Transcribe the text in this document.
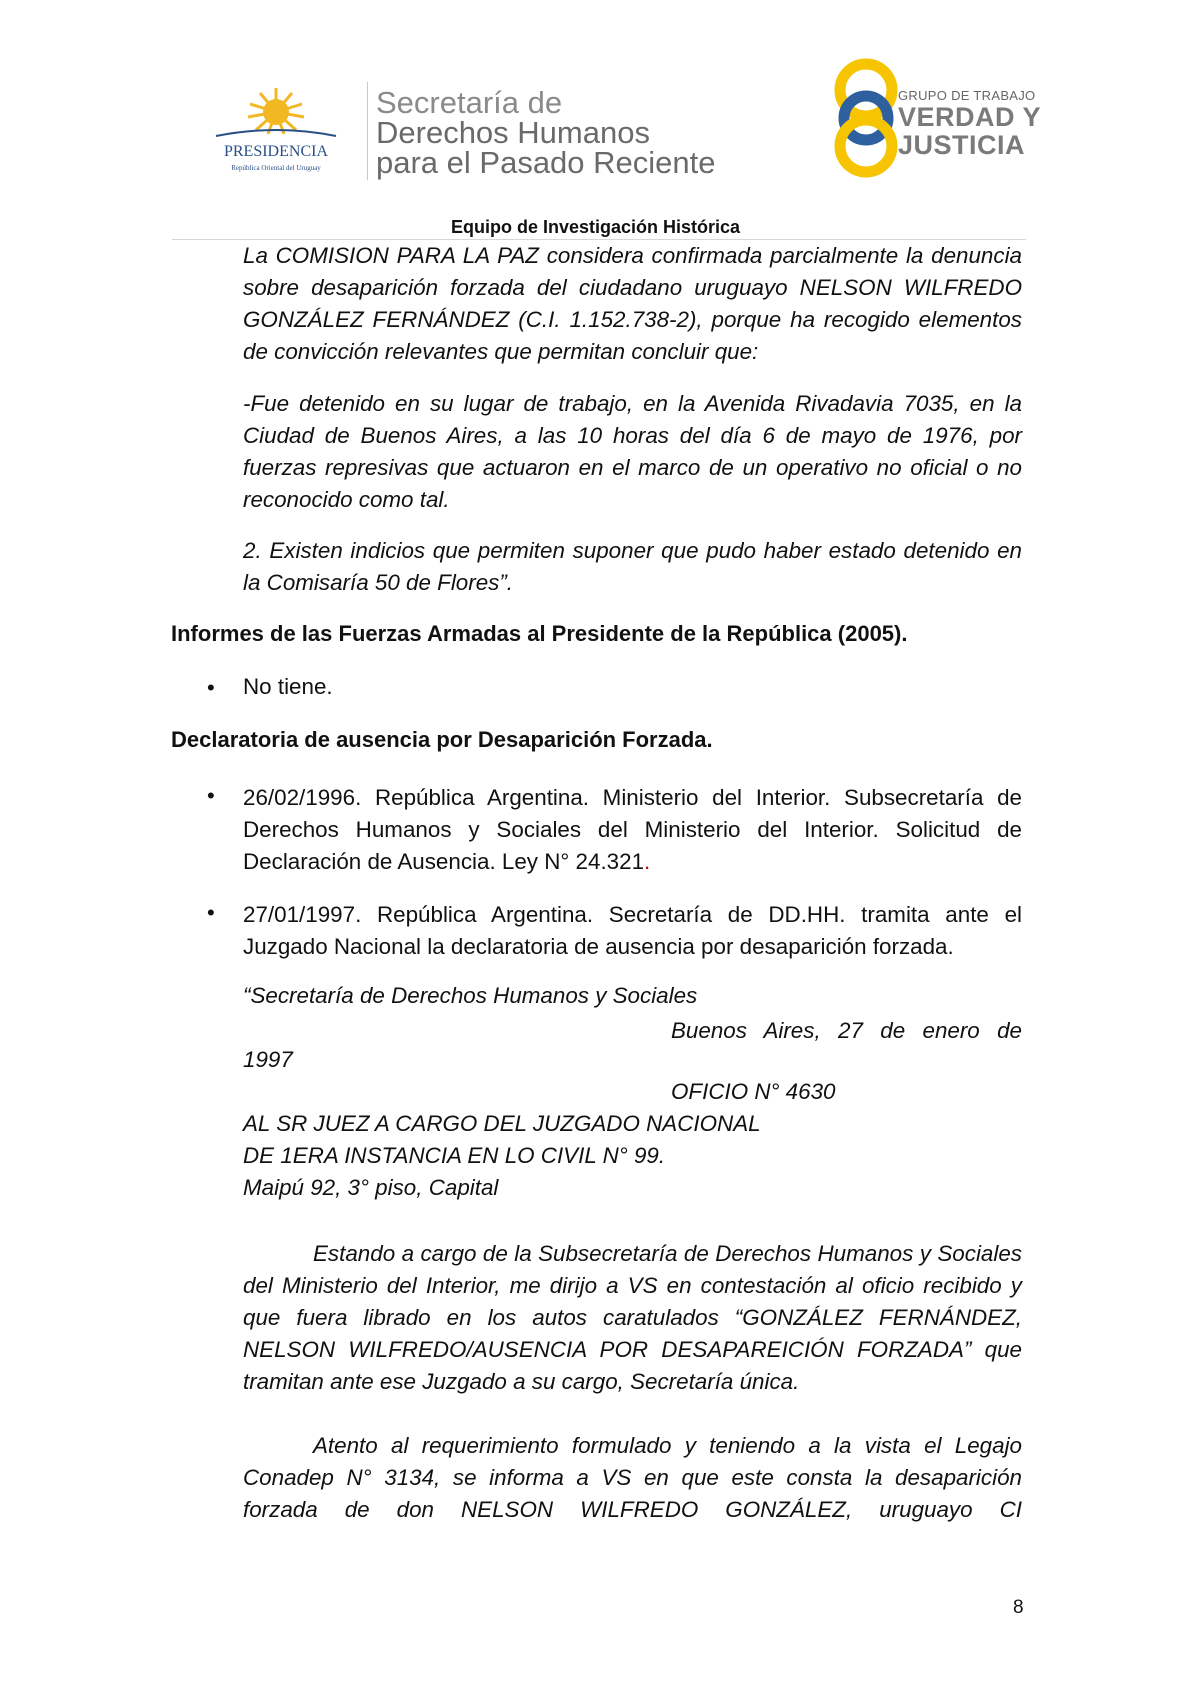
PRESIDENCIA
República Oriental del Uruguay
Secretaría de
Derechos Humanos
para el Pasado Reciente
GRUPO DE TRABAJO
VERDAD Y
JUSTICIA
Equipo de Investigación Histórica
La COMISION PARA LA PAZ considera confirmada parcialmente la denuncia sobre desaparición forzada del ciudadano uruguayo NELSON WILFREDO GONZÁLEZ FERNÁNDEZ (C.I. 1.152.738-2), porque ha recogido elementos de convicción relevantes que permitan concluir que:
-Fue detenido en su lugar de trabajo, en la Avenida Rivadavia 7035, en la Ciudad de Buenos Aires, a las 10 horas del día 6 de mayo de 1976, por fuerzas represivas que actuaron en el marco de un operativo no oficial o no reconocido como tal.
2. Existen indicios que permiten suponer que pudo haber estado detenido en la Comisaría 50 de Flores”.
Informes de las Fuerzas Armadas al Presidente de la República (2005).
• No tiene.
Declaratoria de ausencia por Desaparición Forzada.
• 26/02/1996. República Argentina. Ministerio del Interior. Subsecretaría de Derechos Humanos y Sociales del Ministerio del Interior. Solicitud de Declaración de Ausencia. Ley N° 24.321.
• 27/01/1997. República Argentina. Secretaría de DD.HH. tramita ante el Juzgado Nacional la declaratoria de ausencia por desaparición forzada.
“Secretaría de Derechos Humanos y Sociales
Buenos Aires, 27 de enero de
1997
OFICIO N° 4630
AL SR JUEZ A CARGO DEL JUZGADO NACIONAL
DE 1ERA INSTANCIA EN LO CIVIL N° 99.
Maipú 92, 3° piso, Capital
Estando a cargo de la Subsecretaría de Derechos Humanos y Sociales del Ministerio del Interior, me dirijo a VS en contestación al oficio recibido y que fuera librado en los autos caratulados “GONZÁLEZ FERNÁNDEZ, NELSON WILFREDO/AUSENCIA POR DESAPAREICIÓN FORZADA” que tramitan ante ese Juzgado a su cargo, Secretaría única.
Atento al requerimiento formulado y teniendo a la vista el Legajo Conadep N° 3134, se informa a VS en que este consta la desaparición forzada de don NELSON WILFREDO GONZÁLEZ, uruguayo CI
8
